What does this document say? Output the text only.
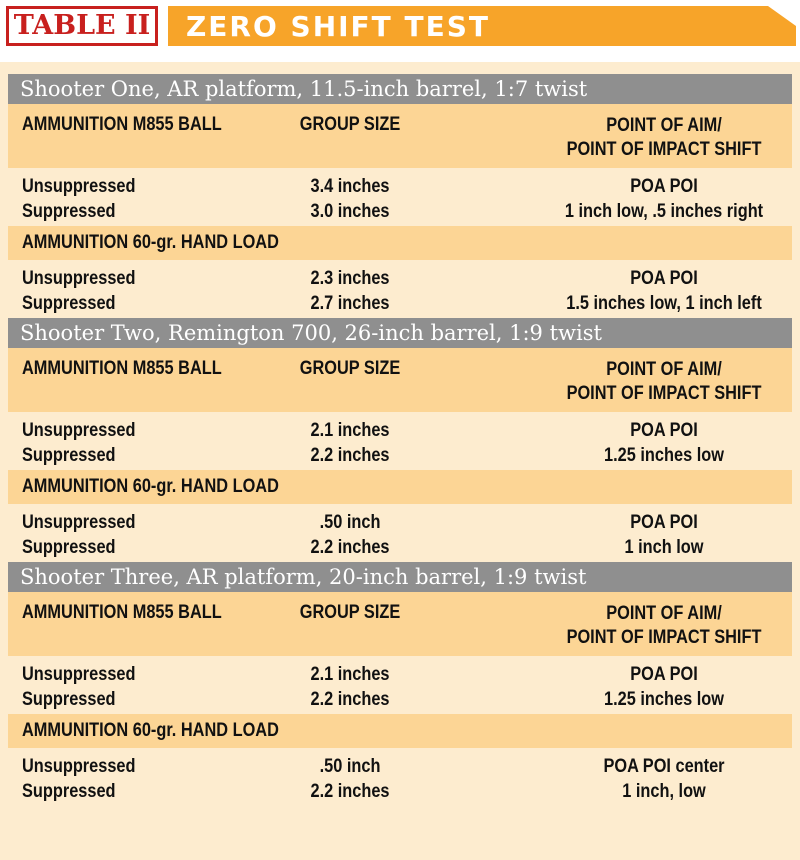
TABLE II ZERO SHIFT TEST
Shooter One, AR platform, 11.5-inch barrel, 1:7 twist
AMMUNITION M855 BALL	GROUP SIZE	POINT OF AIM/
POINT OF IMPACT SHIFT
Unsuppressed	3.4 inches	POA POI
Suppressed	3.0 inches	1 inch low, .5 inches right
AMMUNITION 60-gr. HAND LOAD
Unsuppressed	2.3 inches	POA POI
Suppressed	2.7 inches	1.5 inches low, 1 inch left
Shooter Two, Remington 700, 26-inch barrel, 1:9 twist
AMMUNITION M855 BALL	GROUP SIZE	POINT OF AIM/
POINT OF IMPACT SHIFT
Unsuppressed	2.1 inches	POA POI
Suppressed	2.2 inches	1.25 inches low
AMMUNITION 60-gr. HAND LOAD
Unsuppressed	.50 inch	POA POI
Suppressed	2.2 inches	1 inch low
Shooter Three, AR platform, 20-inch barrel, 1:9 twist
AMMUNITION M855 BALL	GROUP SIZE	POINT OF AIM/
POINT OF IMPACT SHIFT
Unsuppressed	2.1 inches	POA POI
Suppressed	2.2 inches	1.25 inches low
AMMUNITION 60-gr. HAND LOAD
Unsuppressed	.50 inch	POA POI center
Suppressed	2.2 inches	1 inch, low
